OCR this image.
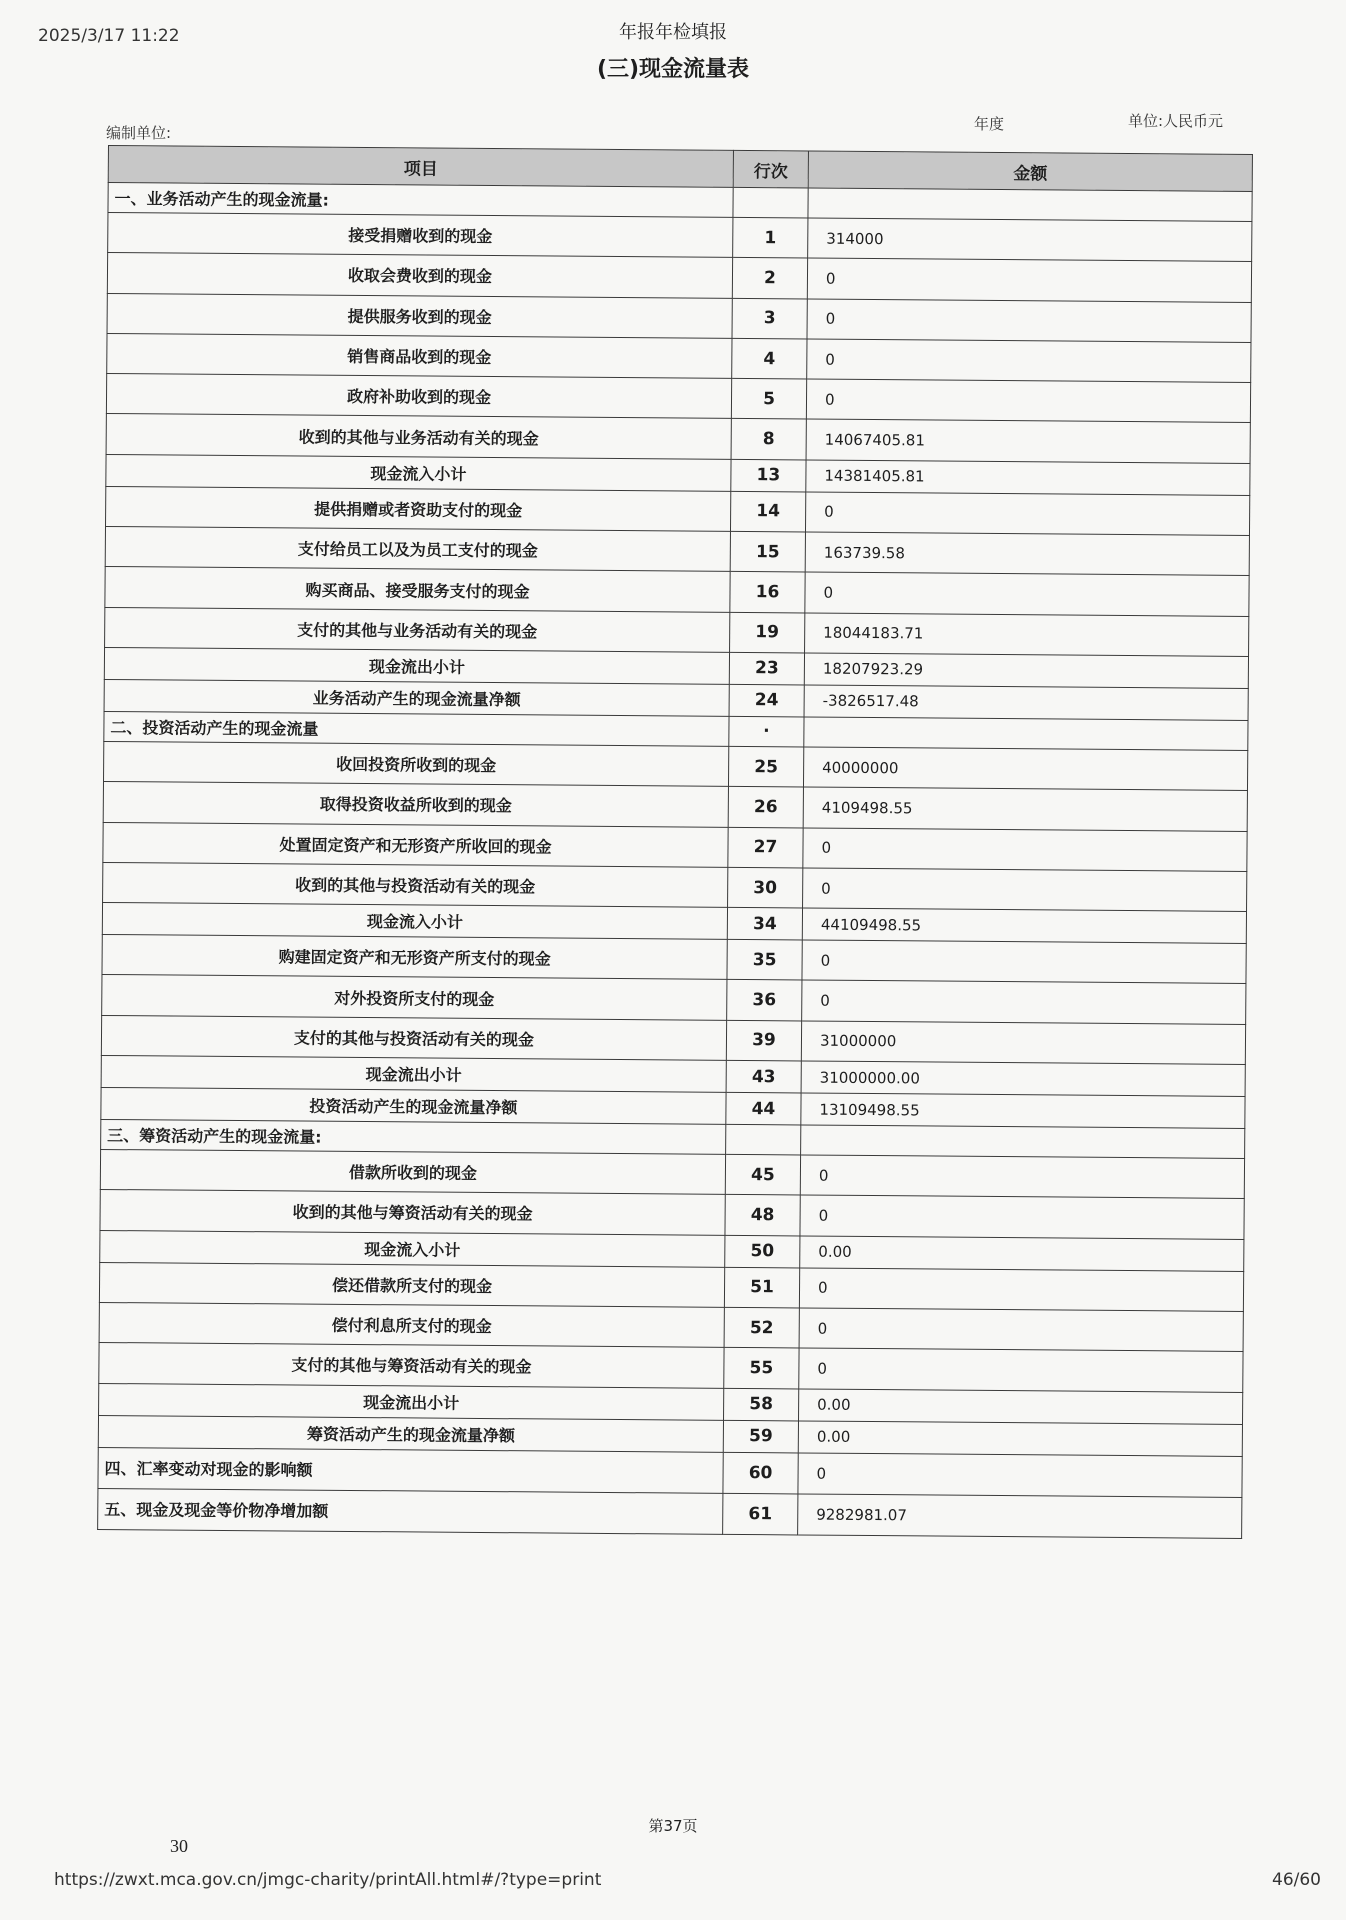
2025/3/17 11:22	年报年检填报
(三)现金流量表
编制单位:	年度	单位:人民币元
项目	行次	金额
一、业务活动产生的现金流量:		
接受捐赠收到的现金	1	314000
收取会费收到的现金	2	0
提供服务收到的现金	3	0
销售商品收到的现金	4	0
政府补助收到的现金	5	0
收到的其他与业务活动有关的现金	8	14067405.81
现金流入小计	13	14381405.81
提供捐赠或者资助支付的现金	14	0
支付给员工以及为员工支付的现金	15	163739.58
购买商品、接受服务支付的现金	16	0
支付的其他与业务活动有关的现金	19	18044183.71
现金流出小计	23	18207923.29
业务活动产生的现金流量净额	24	-3826517.48
二、投资活动产生的现金流量	·	
收回投资所收到的现金	25	40000000
取得投资收益所收到的现金	26	4109498.55
处置固定资产和无形资产所收回的现金	27	0
收到的其他与投资活动有关的现金	30	0
现金流入小计	34	44109498.55
购建固定资产和无形资产所支付的现金	35	0
对外投资所支付的现金	36	0
支付的其他与投资活动有关的现金	39	31000000
现金流出小计	43	31000000.00
投资活动产生的现金流量净额	44	13109498.55
三、筹资活动产生的现金流量:		
借款所收到的现金	45	0
收到的其他与筹资活动有关的现金	48	0
现金流入小计	50	0.00
偿还借款所支付的现金	51	0
偿付利息所支付的现金	52	0
支付的其他与筹资活动有关的现金	55	0
现金流出小计	58	0.00
筹资活动产生的现金流量净额	59	0.00
四、汇率变动对现金的影响额	60	0
五、现金及现金等价物净增加额	61	9282981.07
第37页
30
https://zwxt.mca.gov.cn/jmgc-charity/printAll.html#/?type=print	46/60
